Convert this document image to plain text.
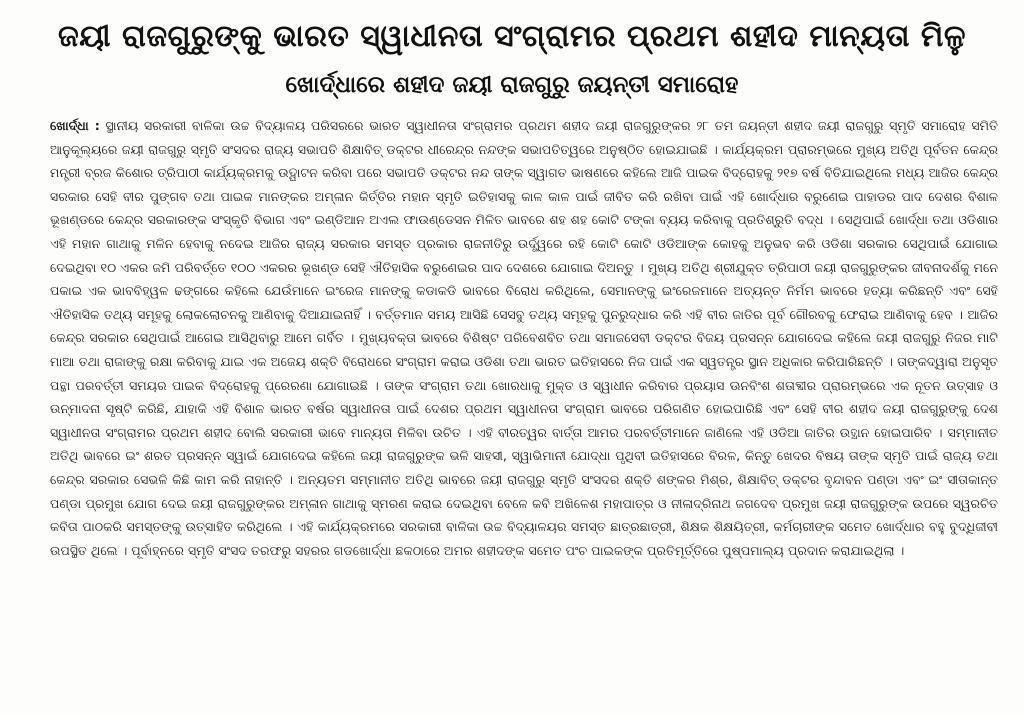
ଜୟୀ ରାଜଗୁରୁଙ୍କୁ ଭାରତ ସ୍ୱାଧୀନତା ସଂଗ୍ରାମର ପ୍ରଥମ ଶହୀଦ ମାନ୍ୟତା ମିଳୁ
ଖୋର୍ଦ୍ଧାରେ ଶହୀଦ ଜୟୀ ରାଜଗୁରୁ ଜୟନ୍ତୀ ସମାରୋହ

ଖୋର୍ଦ୍ଧା : ସ୍ଥାନୀୟ ସରକାରୀ ବାଳିକା ଉଚ୍ଚ ବିଦ୍ୟାଳୟ ପରିସରରେ ଭାରତ ସ୍ୱାଧୀନତା ସଂଗ୍ରାମର ପ୍ରଥମ ଶହୀଦ ଜୟୀ ରାଜଗୁରୁଙ୍କର ୨୮ ତମ ଜୟନ୍ତୀ ଶହୀଦ ଜୟୀ ରାଜଗୁରୁ ସ୍ମୃତି ସମାରୋହ ସମିତି ଆନୁକୂଲ୍ୟରେ ଜୟୀ ରାଜଗୁରୁ ସ୍ମୃତି ସଂସଦର ରାଜ୍ୟ ସଭାପତି ଶିକ୍ଷାବିତ୍ ଡକ୍ଟର ଧୀରେନ୍ଦ୍ର ନନ୍ଦଙ୍କ ସଭାପତିତ୍ୱରେ ଅନୁଷ୍ଠିତ ହୋଇଯାଇଛି । କାର୍ଯ୍ୟକ୍ରମ ପ୍ରାରମ୍ଭରେ ମୁଖ୍ୟ ଅତିଥି ପୂର୍ବତନ କେନ୍ଦ୍ର ମନ୍ତ୍ରୀ ବ୍ରଜ କିଶୋର ତ୍ରିପାଠୀ କାର୍ଯ୍ୟକ୍ରମକୁ ଉଦ୍ଘାଟନ କରିବା ପରେ ସଭାପତି ଡକ୍ଟର ନନ୍ଦ ତାଙ୍କ ସ୍ୱାଗତ ଭାଷଣରେ କହିଲେ ଆଜି ପାଇକ ବିଦ୍ରୋହକୁ ୨୧୭ ବର୍ଷ ବିତିଯାଇଥିଲେ ମଧ୍ୟ ଆଜିର କେନ୍ଦ୍ର ସରକାର ସେହି ବୀର ପୁଙ୍ଗବ ତଥା ପାଇକ ମାନଙ୍କର ଅମ୍ଳାନ କିର୍ତ୍ତିର ମହାନ ସ୍ମୃତି ଇତିହାସକୁ କାଳ କାଳ ପାଇଁ ଜୀବିତ କରି ରଖିବା ପାଇଁ ଏହି ଖୋର୍ଦ୍ଧାର ବରୁଣେଇ ପାହାଡର ପାଦ ଦେଶର ବିଶାଳ ଭୂଖଣ୍ଡରେ କେନ୍ଦ୍ର ସରକାରଙ୍କ ସଂସ୍କୃତି ବିଭାଗ ଏବଂ ଇଣ୍ଡିଆନ ଅଏଲ ଫାଉଣ୍ଡେସନ ମିଳିତ ଭାବରେ ଶହ ଶହ କୋଟି ଟଙ୍କା ବ୍ୟୟ କରିବାକୁ ପ୍ରତିଶ୍ରୁତି ବଦ୍ଧ । ସେଥିପାଇଁ ଖୋର୍ଦ୍ଧା ତଥା ଓଡିଶାର ଏହି ମହାନ ଗାଥାକୁ ମଳିନ ହେବାକୁ ନଦେଇ ଆଜିର ରାଜ୍ୟ ସରକାର ସମସ୍ତ ପ୍ରକାର ରାଜନୀତିରୁ ଉର୍ଦ୍ଧ୍ୱରେ ରହି କୋଟି କୋଟି ଓଡିଆଙ୍କ କୋହକୁ ଅନୁଭବ କରି ଓଡିଶା ସରକାର ସେଥିପାଇଁ ଯୋଗାଇ ଦେଇଥିବା ୧୦ ଏକର ଜମି ପରିବର୍ତ୍ତେ ୧୦୦ ଏକରର ଭୂଖଣ୍ଡ ସେହି ଐତିହାସିକ ବରୁଣେଇର ପାଦ ଦେଶରେ ଯୋଗାଇ ଦିଅନ୍ତୁ । ମୁଖ୍ୟ ଅତିଥି ଶ୍ରୀଯୁକ୍ତ ତ୍ରିପାଠୀ ଜୟୀ ରାଜଗୁରୁଙ୍କର ଜୀବନାଦର୍ଶକୁ ମନେ ପକାଇ ଏକ ଭାବବିହ୍ୱଳ ଢଙ୍ଗରେ କହିଲେ ଯେଉଁମାନେ ଇଂରେଜ ମାନଙ୍କୁ କଡାକଡି ଭାବରେ ବିରୋଧ କରିଥିଲେ, ସେମାନଙ୍କୁ ଇଂରେଜମାନେ ଅତ୍ୟନ୍ତ ନିର୍ମମ ଭାବରେ ହତ୍ୟା କରିଛନ୍ତି ଏବଂ ସେହି ଐତିହାସିକ ତଥ୍ୟ ସମୂହକୁ ଲୋକଲୋଚନକୁ ଆଣିବାକୁ ଦିଆଯାଇନାହିଁ । ବର୍ତ୍ତମାନ ସମୟ ଆସିଛି ସେସବୁ ତଥ୍ୟ ସମୂହକୁ ପୁନରୁଦ୍ଧାର କରି ଏହି ବୀର ଜାତିର ପୂର୍ବ ଗୌରବକୁ ଫେରାଇ ଆଣିବାକୁ ହେବ । ଆଜିର କେନ୍ଦ୍ର ସରକାର ସେଥିପାଇଁ ଆଗେଇ ଆସିଥିବାରୁ ଆମେ ଗର୍ବିତ । ମୁଖ୍ୟବକ୍ତା ଭାବରେ ବିଶିଷ୍ଟ ପରିବେଶବିତ ତଥା ସମାଜସେବୀ ଡକ୍ଟର ବିଜୟ ପ୍ରସନ୍ନ ଯୋଗଦେଇ କହିଲେ ଜୟୀ ରାଜଗୁରୁ ନିଜର ମାଟି ମାଆ ତଥା ରାଜାଙ୍କୁ ରକ୍ଷା କରିବାକୁ ଯାଇ ଏକ ଅଜେୟ ଶକ୍ତି ବିରୋଧରେ ସଂଗ୍ରାମ କରାଇ ଓଡିଶା ତଥା ଭାରତ ଇତିହାସରେ ନିଜ ପାଇଁ ଏକ ସ୍ୱତନ୍ତ୍ର ସ୍ଥାନ ଅଧିକାର କରିପାରିଛନ୍ତି । ତାଙ୍କଦ୍ୱାରା ଅନୁସୃତ ପନ୍ଥା ପରବର୍ତ୍ତୀ ସମୟର ପାଇକ ବିଦ୍ରୋହକୁ ପ୍ରେରଣା ଯୋଗାଇଛି । ତାଙ୍କ ସଂଗ୍ରାମ ତଥା ଖୋରଧାକୁ ମୁକ୍ତ ଓ ସ୍ୱାଧୀନ କରିବାର ପ୍ରୟାସ ଊନବିଂଶ ଶତାବ୍ଦୀର ପ୍ରାରମ୍ଭରେ ଏକ ନୂତନ ଉତ୍ସାହ ଓ ଉନ୍ମାଦନା ସୃଷ୍ଟି କରିଛି, ଯାହାକି ଏହି ବିଶାଳ ଭାରତ ବର୍ଷର ସ୍ୱାଧୀନତା ପାଇଁ ଦେଶର ପ୍ରଥମ ସ୍ୱାଧୀନତା ସଂଗ୍ରାମ ଭାବରେ ପରିଗଣିତ ହୋଇପାରିଛି ଏବଂ ସେହି ବୀର ଶହୀଦ ଜୟୀ ରାଜଗୁରୁଙ୍କୁ ଦେଶ ସ୍ୱାଧୀନତା ସଂଗ୍ରାମର ପ୍ରଥମ ଶହୀଦ ବୋଲି ସରକାରୀ ଭାବେ ମାନ୍ୟତା ମିଳିବା ଉଚିତ । ଏହି ବୀରତ୍ୱର ବାର୍ତ୍ତା ଆମର ପରବର୍ତ୍ତୀମାନେ ଜାଣିଲେ ଏହି ଓଡିଆ ଜାତିର ଉତ୍ଥାନ ହୋଇପାରିବ । ସମ୍ମାନୀତ ଅତିଥି ଭାବରେ ଇଂ ଶରତ ପ୍ରସନ୍ନ ସ୍ୱାଇଁ ଯୋଗଦେଇ କହିଲେ ଜୟୀ ରାଜଗୁରୁଙ୍କ ଭଳି ସାହସୀ, ସ୍ୱାଭିମାନୀ ଯୋଦ୍ଧା ପୃଥିବୀ ଇତିହାସରେ ବିରଳ, କିନ୍ତୁ ଖେଦର ବିଷୟ ତାଙ୍କ ସ୍ମୃତି ପାଇଁ ରାଜ୍ୟ ତଥା କେନ୍ଦ୍ର ସରକାର ସେଭଳି କିଛି କାମ କରି ନାହାନ୍ତି । ଅନ୍ୟତମ ସମ୍ମାନୀତ ଅତିଥି ଭାବରେ ଜୟୀ ରାଜଗୁରୁ ସ୍ମୃତି ସଂସଦର ଶକ୍ତି ଶଙ୍କର ମିଶ୍ର, ଶିକ୍ଷାବିତ୍ ଡକ୍ଟର ବୃନ୍ଦାବନ ପଣ୍ଡା ଏବଂ ଇଂ ସୀତାକାନ୍ତ ପଣ୍ଡା ପ୍ରମୁଖ ଯୋଗ ଦେଇ ଜୟୀ ରାଜଗୁରୁଙ୍କର ଅମ୍ଳାନ ଗାଥାକୁ ସ୍ମରଣ କରାଇ ଦେଇଥିବା ବେଳେ କବି ଅଖିଳେଶ ମହାପାତ୍ର ଓ ନୀଳାଦ୍ରିନାଥ ଜଗଦେବ ପ୍ରମୁଖ ଜୟୀ ରାଜଗୁରୁଙ୍କ ଉପରେ ସ୍ୱରଚିତ କବିତା ପାଠକରି ସମସ୍ତଙ୍କୁ ଉତ୍ସାହିତ କରିଥିଲେ । ଏହି କାର୍ଯ୍ୟକ୍ରମରେ ସରକାରୀ ବାଳିକା ଉଚ୍ଚ ବିଦ୍ୟାଳୟର ସମସ୍ତ ଛାତ୍ରଛାତ୍ରୀ, ଶିକ୍ଷକ ଶିକ୍ଷୟିତ୍ରୀ, କର୍ମଚାରୀଙ୍କ ସମେତ ଖୋର୍ଦ୍ଧାର ବହୁ ବୁଦ୍ଧିଜୀବୀ ଉପସ୍ଥିତ ଥିଲେ । ପୂର୍ବାହ୍ନରେ ସ୍ମୃତି ସଂସଦ ତରଫରୁ ସହରର ଗଡଖୋର୍ଦ୍ଧା ଛକଠାରେ ଅମର ଶହୀଦଙ୍କ ସମେତ ପଂଚ ପାଇକଙ୍କ ପ୍ରତିମୂର୍ତ୍ତିରେ ପୁଷ୍ପମାଲ୍ୟ ପ୍ରଦାନ କରାଯାଇଥିଲା ।
